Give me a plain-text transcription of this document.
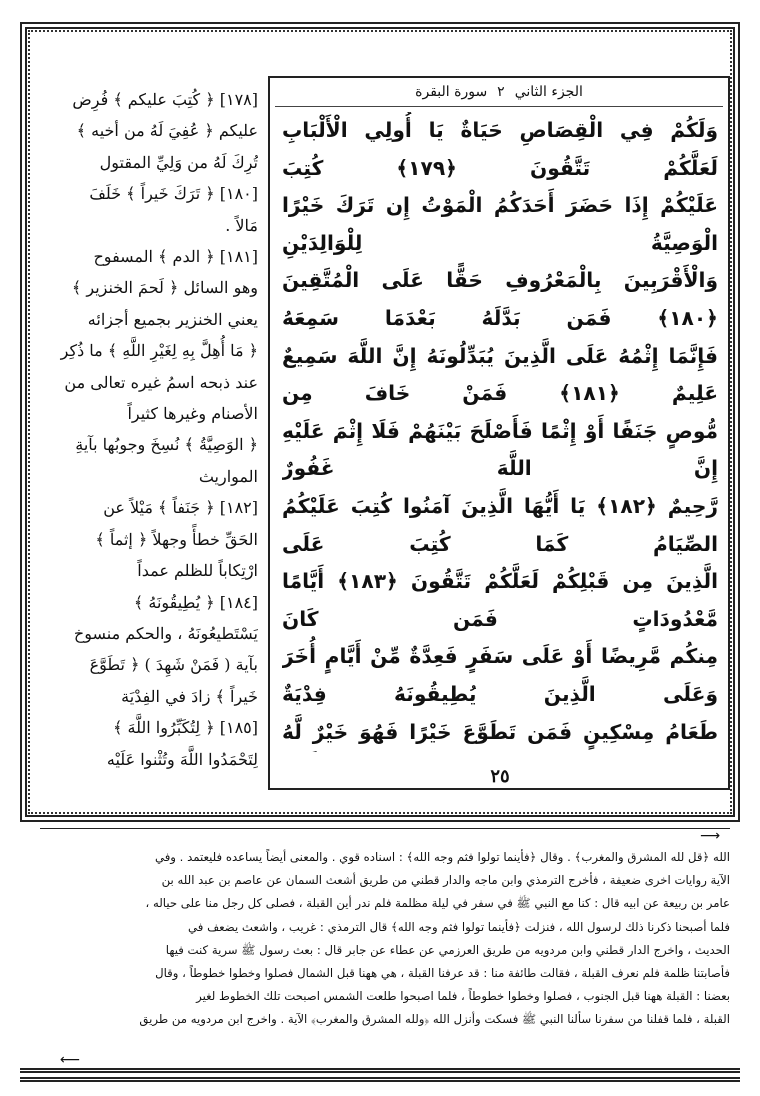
الجزء الثاني
٢
سورة البقرة

وَلَكُمْ فِي الْقِصَاصِ حَيَاةٌ يَا أُولِي الْأَلْبَابِ لَعَلَّكُمْ تَتَّقُونَ ﴿١٧٩﴾ كُتِبَ

عَلَيْكُمْ إِذَا حَضَرَ أَحَدَكُمُ الْمَوْتُ إِن تَرَكَ خَيْرًا الْوَصِيَّةُ لِلْوَالِدَيْنِ

وَالْأَقْرَبِينَ بِالْمَعْرُوفِ حَقًّا عَلَى الْمُتَّقِينَ ﴿١٨٠﴾ فَمَن بَدَّلَهُ بَعْدَمَا سَمِعَهُ

فَإِنَّمَا إِثْمُهُ عَلَى الَّذِينَ يُبَدِّلُونَهُ إِنَّ اللَّهَ سَمِيعٌ عَلِيمٌ ﴿١٨١﴾ فَمَنْ خَافَ مِن

مُّوصٍ جَنَفًا أَوْ إِثْمًا فَأَصْلَحَ بَيْنَهُمْ فَلَا إِثْمَ عَلَيْهِ إِنَّ اللَّهَ غَفُورٌ

رَّحِيمٌ ﴿١٨٢﴾ يَا أَيُّهَا الَّذِينَ آمَنُوا كُتِبَ عَلَيْكُمُ الصِّيَامُ كَمَا كُتِبَ عَلَى

الَّذِينَ مِن قَبْلِكُمْ لَعَلَّكُمْ تَتَّقُونَ ﴿١٨٣﴾ أَيَّامًا مَّعْدُودَاتٍ فَمَن كَانَ

مِنكُم مَّرِيضًا أَوْ عَلَى سَفَرٍ فَعِدَّةٌ مِّنْ أَيَّامٍ أُخَرَ وَعَلَى الَّذِينَ يُطِيقُونَهُ فِدْيَةٌ

طَعَامُ مِسْكِينٍ فَمَن تَطَوَّعَ خَيْرًا فَهُوَ خَيْرٌ لَّهُ

٢٥

[١٧٨] ﴿ كُتِبَ عليكم ﴾ فُرِض

عليكم ﴿ عُفِيَ لَهُ من أخيه ﴾

تُرِكَ لَهُ من وَلِيِّ المقتول

[١٨٠] ﴿ تَرَكَ خَيراً ﴾ خَلَفَ

مَالاً .

[١٨١] ﴿ الدم ﴾ المسفوح

وهو السائل ﴿ لَحمَ الخنزير ﴾

يعني الخنزير بجميع أجزائه

﴿ مَا أُهِلَّ بِهِ لِغَيْرِ اللَّهِ ﴾ ما ذُكِر

عند ذبحه اسمُ غيره تعالى من

الأصنام وغيرها كثيراً

﴿ الوَصِيَّةُ ﴾ نُسِخَ وجوبُها بآيةِ

المواريث

[١٨٢] ﴿ جَنَفاً ﴾ مَيْلاً عن

الحَقِّ خطأً وجهلاً ﴿ إثماً ﴾

ارْتِكاباً للظلم عمداً

[١٨٤] ﴿ يُطِيقُونَهُ ﴾

يَسْتَطيعُونَهُ ، والحكم منسوخ

بآية ( فَمَنْ شَهِدَ ) ﴿ تَطَوَّعَ

خَيراً ﴾ زادَ في الفِدْيَة

[١٨٥] ﴿ لِتُكَبِّرُوا اللَّهَ ﴾

لِتَحْمَدُوا اللَّهَ وتُثْنوا عَلَيْه

⟶

الله ﴿قل لله المشرق والمغرب﴾ . وقال ﴿فأينما تولوا فثم وجه الله﴾ : اسناده قوي . والمعنى أيضاً يساعده فليعتمد . وفي

الآية روايات اخرى ضعيفة ، فأخرج الترمذي وابن ماجه والدار قطني من طريق أشعث السمان عن عاصم بن عبد الله بن

عامر بن ربيعة عن ابيه قال : كنا مع النبي ﷺ في سفر في ليلة مظلمة فلم ندر أين القبلة ، فصلى كل رجل منا على حياله ،

فلما أصبحنا ذكرنا ذلك لرسول الله ، فنزلت ﴿فأينما تولوا فثم وجه الله﴾ قال الترمذي : غريب ، واشعث يضعف في

الحديث ، واخرج الدار قطني وابن مردويه من طريق العرزمي عن عطاء عن جابر قال : بعث رسول ﷺ سرية كنت فيها

فأصابتنا ظلمة فلم نعرف القبلة ، فقالت طائفة منا : قد عرفنا القبلة ، هي ههنا قبل الشمال فصلوا وخطوا خطوطاً ، وقال

بعضنا : القبلة ههنا قبل الجنوب ، فصلوا وخطوا خطوطاً ، فلما اصبحوا طلعت الشمس اصبحت تلك الخطوط لغير

القبلة ، فلما قفلنا من سفرنا سألنا النبي ﷺ فسكت وأنزل الله ﴿ولله المشرق والمغرب﴾ الآية . واخرج ابن مردويه من طريق

⟵
